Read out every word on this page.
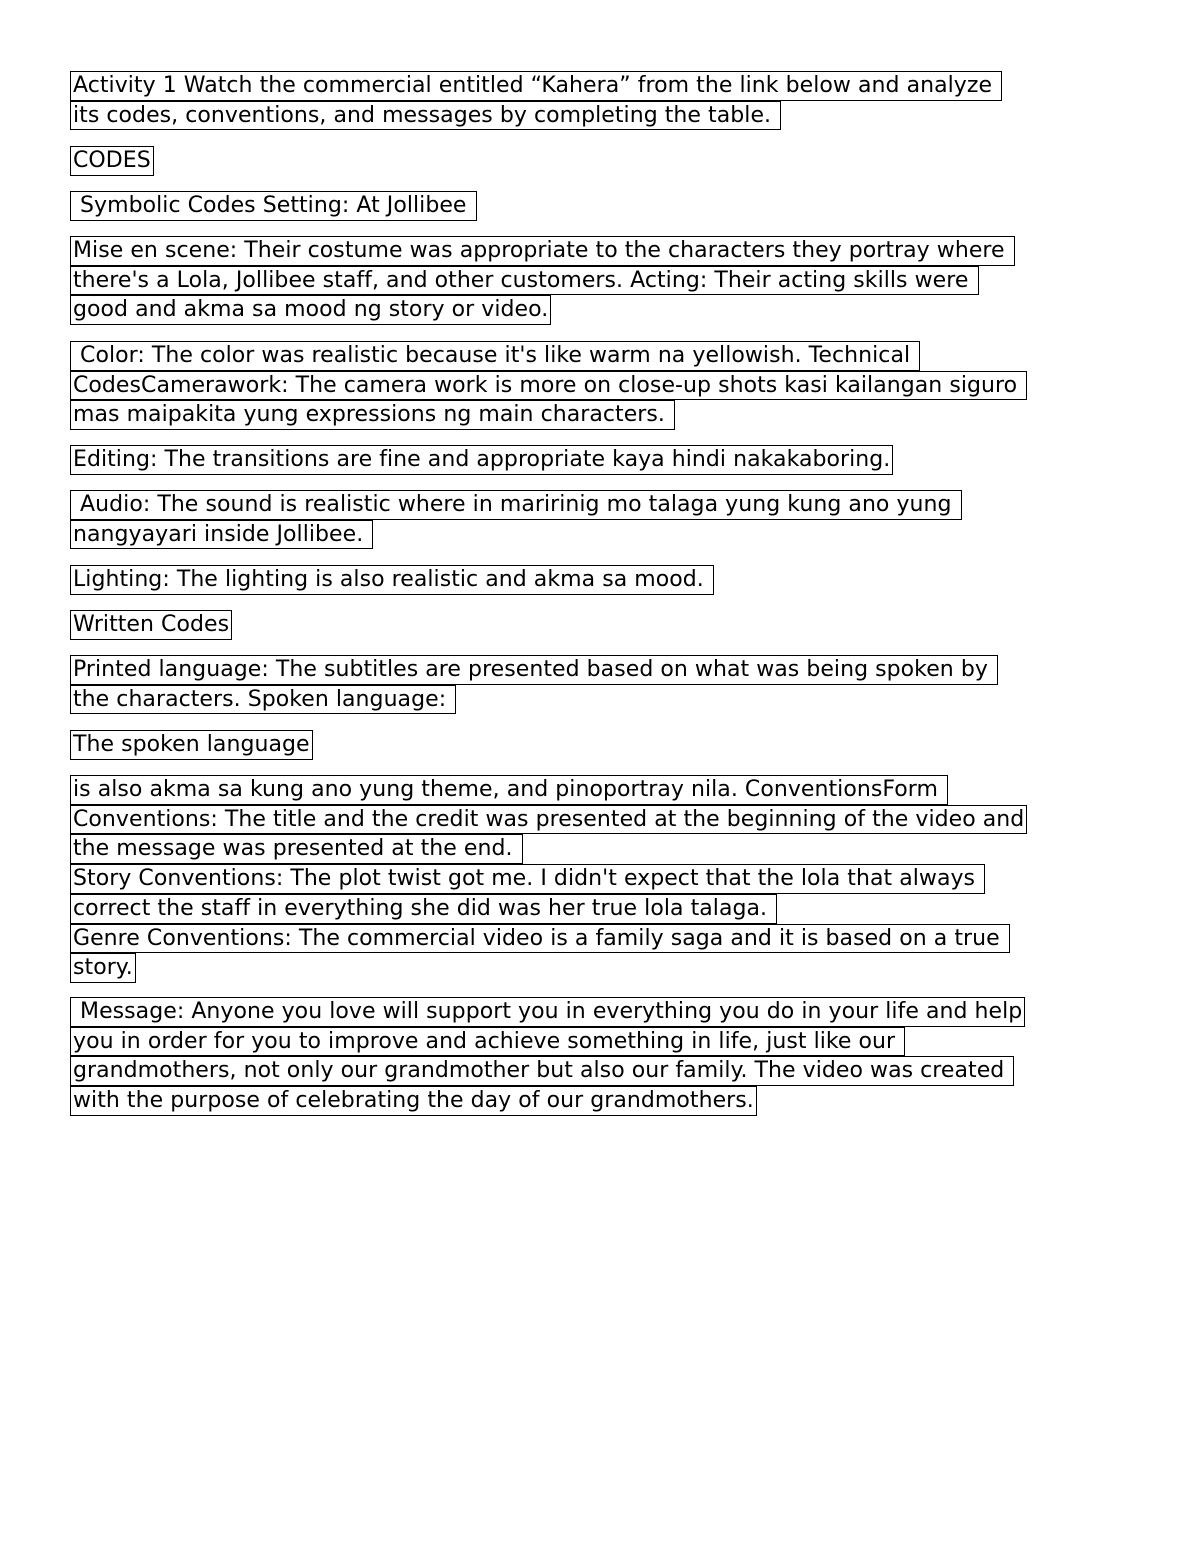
Activity 1 Watch the commercial entitled “Kahera” from the link below and analyze
its codes, conventions, and messages by completing the table.
CODES
Symbolic Codes Setting: At Jollibee
Mise en scene: Their costume was appropriate to the characters they portray where
there's a Lola, Jollibee staff, and other customers. Acting: Their acting skills were
good and akma sa mood ng story or video.
Color: The color was realistic because it's like warm na yellowish. Technical
CodesCamerawork: The camera work is more on close-up shots kasi kailangan siguro
mas maipakita yung expressions ng main characters.
Editing: The transitions are fine and appropriate kaya hindi nakakaboring.
Audio: The sound is realistic where in maririnig mo talaga yung kung ano yung
nangyayari inside Jollibee.
Lighting: The lighting is also realistic and akma sa mood.
Written Codes
Printed language: The subtitles are presented based on what was being spoken by
the characters. Spoken language:
The spoken language
is also akma sa kung ano yung theme, and pinoportray nila. ConventionsForm
Conventions: The title and the credit was presented at the beginning of the video and
the message was presented at the end.
Story Conventions: The plot twist got me. I didn't expect that the lola that always
correct the staff in everything she did was her true lola talaga.
Genre Conventions: The commercial video is a family saga and it is based on a true
story.
Message: Anyone you love will support you in everything you do in your life and help
you in order for you to improve and achieve something in life, just like our
grandmothers, not only our grandmother but also our family. The video was created
with the purpose of celebrating the day of our grandmothers.
